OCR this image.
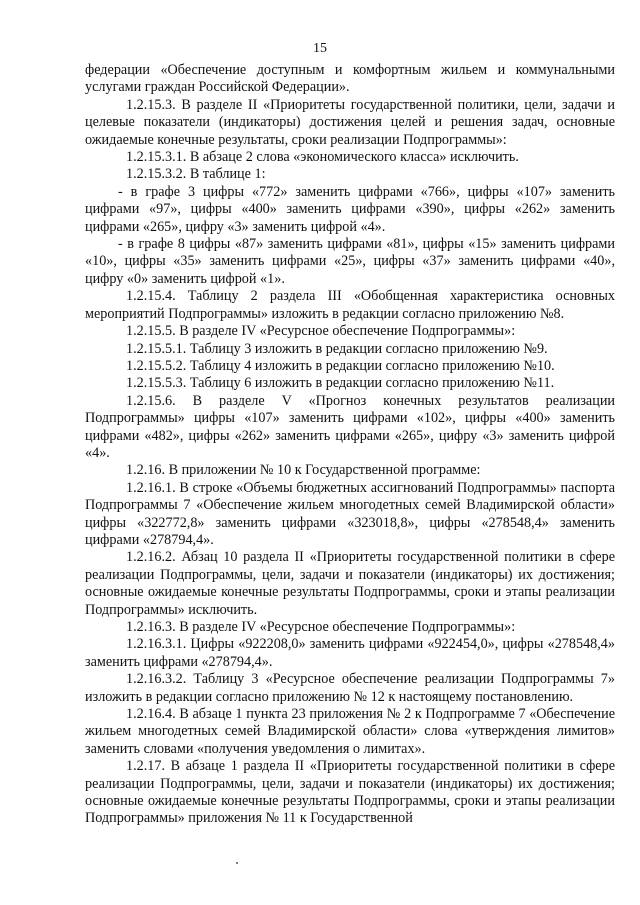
15

федерации «Обеспечение доступным и комфортным жильем и коммунальными услугами граждан Российской Федерации».

1.2.15.3. В разделе II «Приоритеты государственной политики, цели, задачи и целевые показатели (индикаторы) достижения целей и решения задач, основные ожидаемые конечные результаты, сроки реализации Подпрограммы»:

1.2.15.3.1. В абзаце 2 слова «экономического класса» исключить.

1.2.15.3.2. В таблице 1:

- в графе 3 цифры «772» заменить цифрами «766», цифры «107» заменить цифрами «97», цифры «400» заменить цифрами «390», цифры «262» заменить цифрами «265», цифру «3» заменить цифрой «4».

- в графе 8 цифры «87» заменить цифрами «81», цифры «15» заменить цифрами «10», цифры «35» заменить цифрами «25», цифры «37» заменить цифрами «40», цифру «0» заменить цифрой «1».

1.2.15.4. Таблицу 2 раздела III «Обобщенная характеристика основных мероприятий Подпрограммы» изложить в редакции согласно приложению №8.

1.2.15.5. В разделе IV «Ресурсное обеспечение Подпрограммы»:

1.2.15.5.1. Таблицу 3 изложить в редакции согласно приложению №9.

1.2.15.5.2. Таблицу 4 изложить в редакции согласно приложению №10.

1.2.15.5.3. Таблицу 6 изложить в редакции согласно приложению №11.

1.2.15.6. В разделе V «Прогноз конечных результатов реализации Подпрограммы» цифры «107» заменить цифрами «102», цифры «400» заменить цифрами «482», цифры «262» заменить цифрами «265», цифру «3» заменить цифрой «4».

1.2.16. В приложении № 10 к Государственной программе:

1.2.16.1. В строке «Объемы бюджетных ассигнований Подпрограммы» паспорта Подпрограммы 7 «Обеспечение жильем многодетных семей Владимирской области» цифры «322772,8» заменить цифрами «323018,8», цифры «278548,4» заменить цифрами «278794,4».

1.2.16.2. Абзац 10 раздела II «Приоритеты государственной политики в сфере реализации Подпрограммы, цели, задачи и показатели (индикаторы) их достижения; основные ожидаемые конечные результаты Подпрограммы, сроки и этапы реализации Подпрограммы» исключить.

1.2.16.3. В разделе IV «Ресурсное обеспечение Подпрограммы»:

1.2.16.3.1. Цифры «922208,0» заменить цифрами «922454,0», цифры «278548,4» заменить цифрами «278794,4».

1.2.16.3.2. Таблицу 3 «Ресурсное обеспечение реализации Подпрограммы 7» изложить в редакции согласно приложению № 12 к настоящему постановлению.

1.2.16.4. В абзаце 1 пункта 23 приложения № 2 к Подпрограмме 7 «Обеспечение жильем многодетных семей Владимирской области» слова «утверждения лимитов» заменить словами «получения уведомления о лимитах».

1.2.17. В абзаце 1 раздела II «Приоритеты государственной политики в сфере реализации Подпрограммы, цели, задачи и показатели (индикаторы) их достижения; основные ожидаемые конечные результаты Подпрограммы, сроки и этапы реализации Подпрограммы» приложения № 11 к Государственной
